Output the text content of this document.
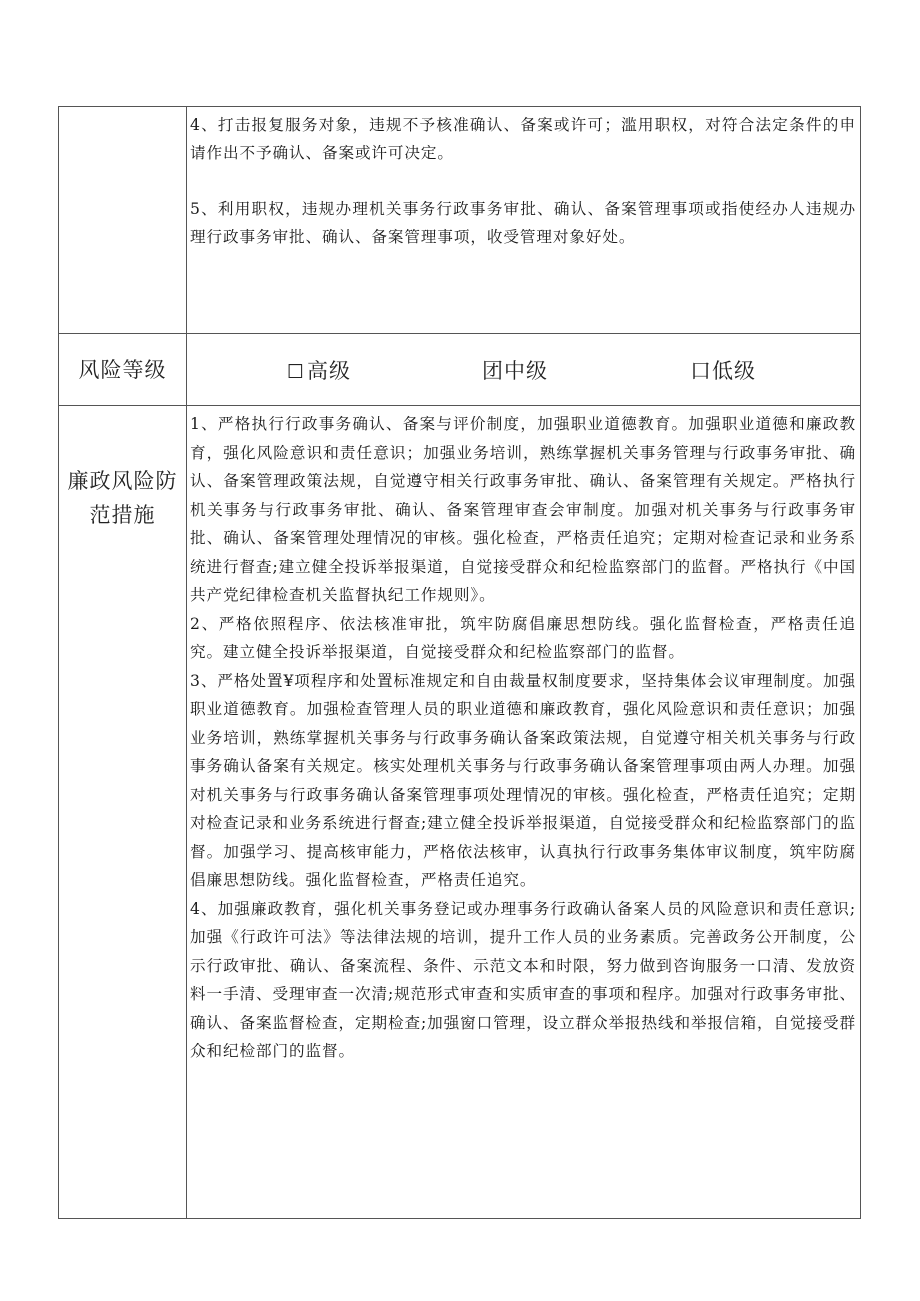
	4、打击报复服务对象，违规不予核准确认、备案或许可；滥用职权，对符合法定条件的申请作出不予确认、备案或许可决定。

5、利用职权，违规办理机关事务行政事务审批、确认、备案管理事项或指使经办人违规办理行政事务审批、确认、备案管理事项，收受管理对象好处。

风险等级	☐高级 团中级 口低级

廉政风险防范措施	1、严格执行行政事务确认、备案与评价制度，加强职业道德教育。加强职业道德和廉政教育，强化风险意识和责任意识；加强业务培训，熟练掌握机关事务管理与行政事务审批、确认、备案管理政策法规，自觉遵守相关行政事务审批、确认、备案管理有关规定。严格执行机关事务与行政事务审批、确认、备案管理审查会审制度。加强对机关事务与行政事务审批、确认、备案管理处理情况的审核。强化检查，严格责任追究；定期对检查记录和业务系统进行督查;建立健全投诉举报渠道，自觉接受群众和纪检监察部门的监督。严格执行《中国共产党纪律检查机关监督执纪工作规则》。

2、严格依照程序、依法核准审批，筑牢防腐倡廉思想防线。强化监督检查，严格责任追究。建立健全投诉举报渠道，自觉接受群众和纪检监察部门的监督。

3、严格处置¥项程序和处置标准规定和自由裁量权制度要求，坚持集体会议审理制度。加强职业道德教育。加强检查管理人员的职业道德和廉政教育，强化风险意识和责任意识；加强业务培训，熟练掌握机关事务与行政事务确认备案政策法规，自觉遵守相关机关事务与行政事务确认备案有关规定。核实处理机关事务与行政事务确认备案管理事项由两人办理。加强对机关事务与行政事务确认备案管理事项处理情况的审核。强化检查，严格责任追究；定期对检查记录和业务系统进行督查;建立健全投诉举报渠道，自觉接受群众和纪检监察部门的监督。加强学习、提高核审能力，严格依法核审，认真执行行政事务集体审议制度，筑牢防腐倡廉思想防线。强化监督检查，严格责任追究。

4、加强廉政教育，强化机关事务登记或办理事务行政确认备案人员的风险意识和责任意识;加强《行政许可法》等法律法规的培训，提升工作人员的业务素质。完善政务公开制度，公示行政审批、确认、备案流程、条件、示范文本和时限，努力做到咨询服务一口清、发放资料一手清、受理审查一次清;规范形式审查和实质审查的事项和程序。加强对行政事务审批、确认、备案监督检查，定期检查;加强窗口管理，设立群众举报热线和举报信箱，自觉接受群众和纪检部门的监督。
